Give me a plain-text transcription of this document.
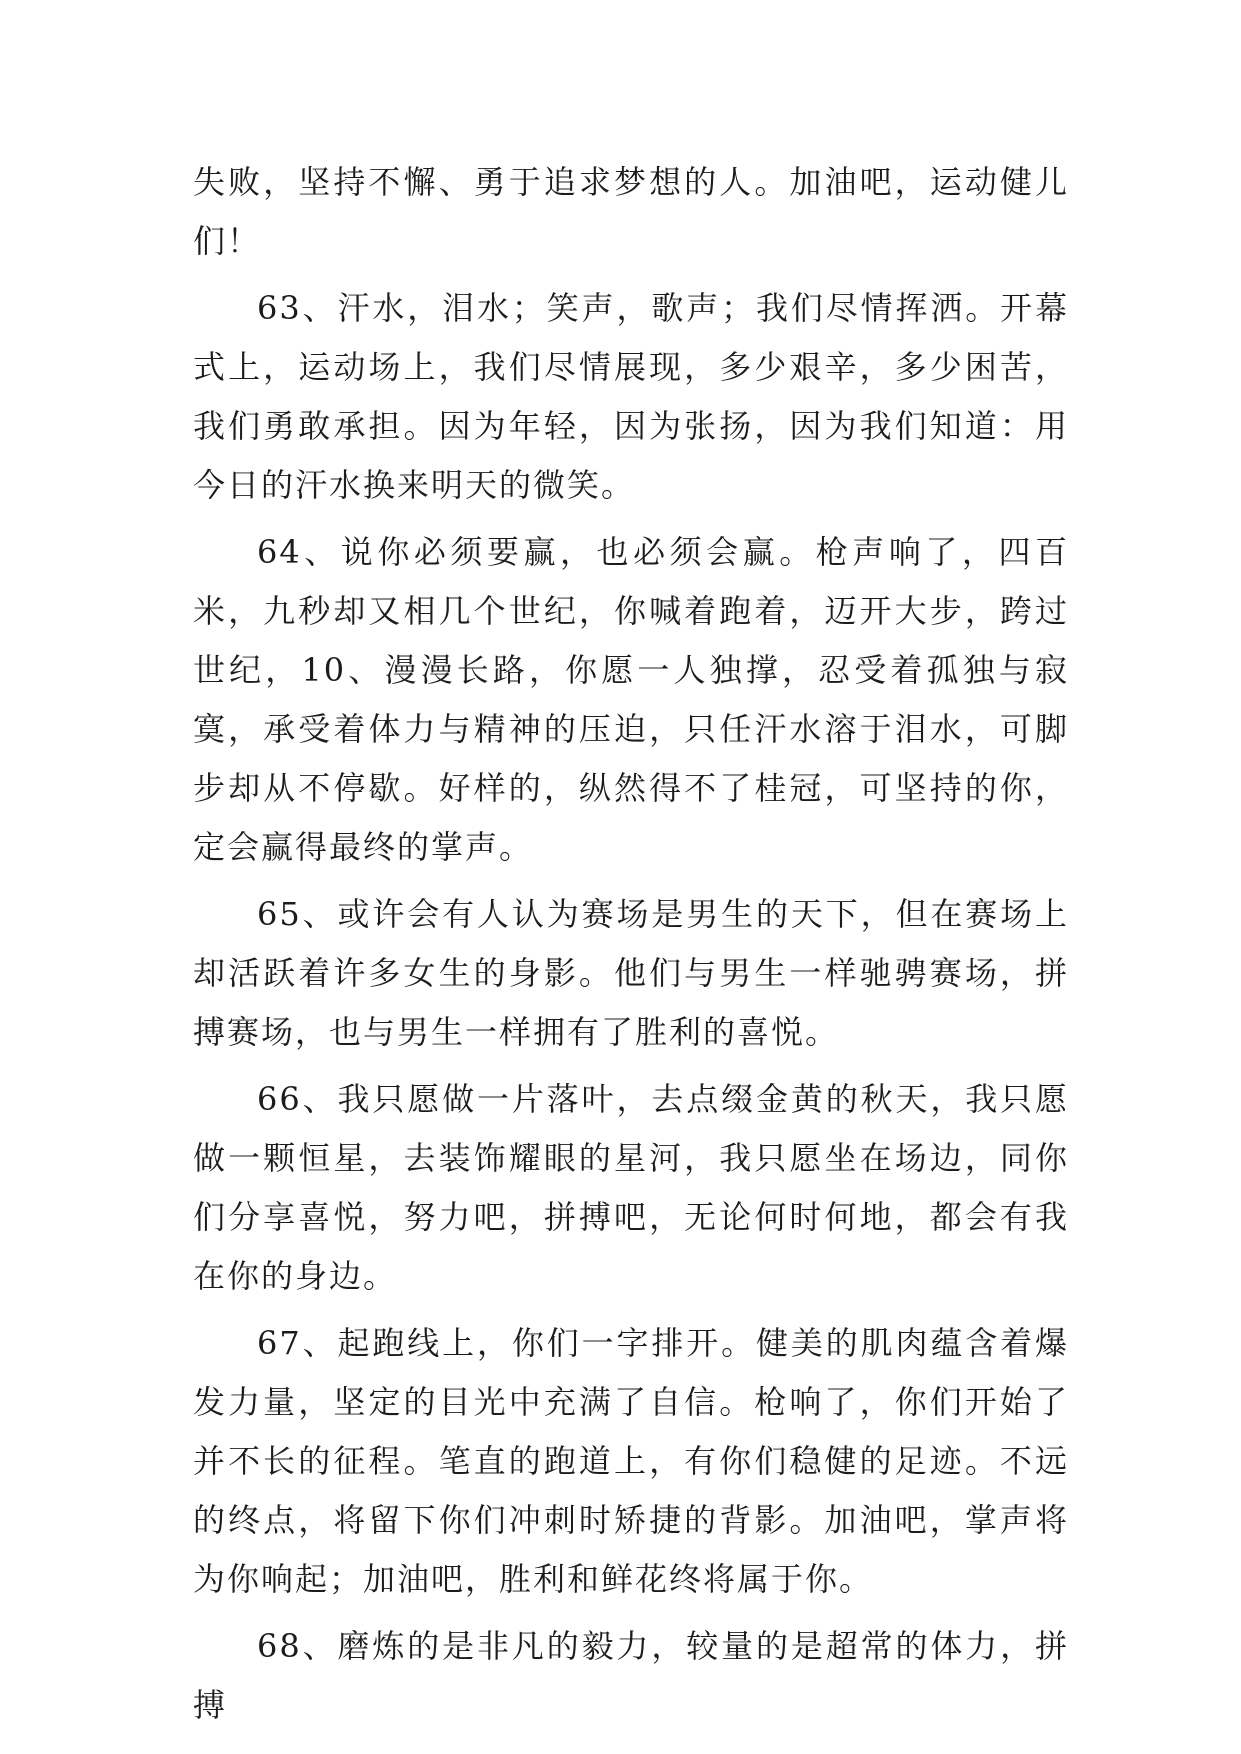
失败，坚持不懈、勇于追求梦想的人。加油吧，运动健儿们！

63、汗水，泪水；笑声，歌声；我们尽情挥洒。开幕式上，运动场上，我们尽情展现，多少艰辛，多少困苦，我们勇敢承担。因为年轻，因为张扬，因为我们知道：用今日的汗水换来明天的微笑。

64、说你必须要赢，也必须会赢。枪声响了，四百米，九秒却又相几个世纪，你喊着跑着，迈开大步，跨过世纪，10、漫漫长路，你愿一人独撑，忍受着孤独与寂寞，承受着体力与精神的压迫，只任汗水溶于泪水，可脚步却从不停歇。好样的，纵然得不了桂冠，可坚持的你，定会赢得最终的掌声。

65、或许会有人认为赛场是男生的天下，但在赛场上却活跃着许多女生的身影。他们与男生一样驰骋赛场，拼搏赛场，也与男生一样拥有了胜利的喜悦。

66、我只愿做一片落叶，去点缀金黄的秋天，我只愿做一颗恒星，去装饰耀眼的星河，我只愿坐在场边，同你们分享喜悦，努力吧，拼搏吧，无论何时何地，都会有我在你的身边。

67、起跑线上，你们一字排开。健美的肌肉蕴含着爆发力量，坚定的目光中充满了自信。枪响了，你们开始了并不长的征程。笔直的跑道上，有你们稳健的足迹。不远的终点，将留下你们冲刺时矫捷的背影。加油吧，掌声将为你响起；加油吧，胜利和鲜花终将属于你。

68、磨炼的是非凡的毅力，较量的是超常的体力，拼搏
